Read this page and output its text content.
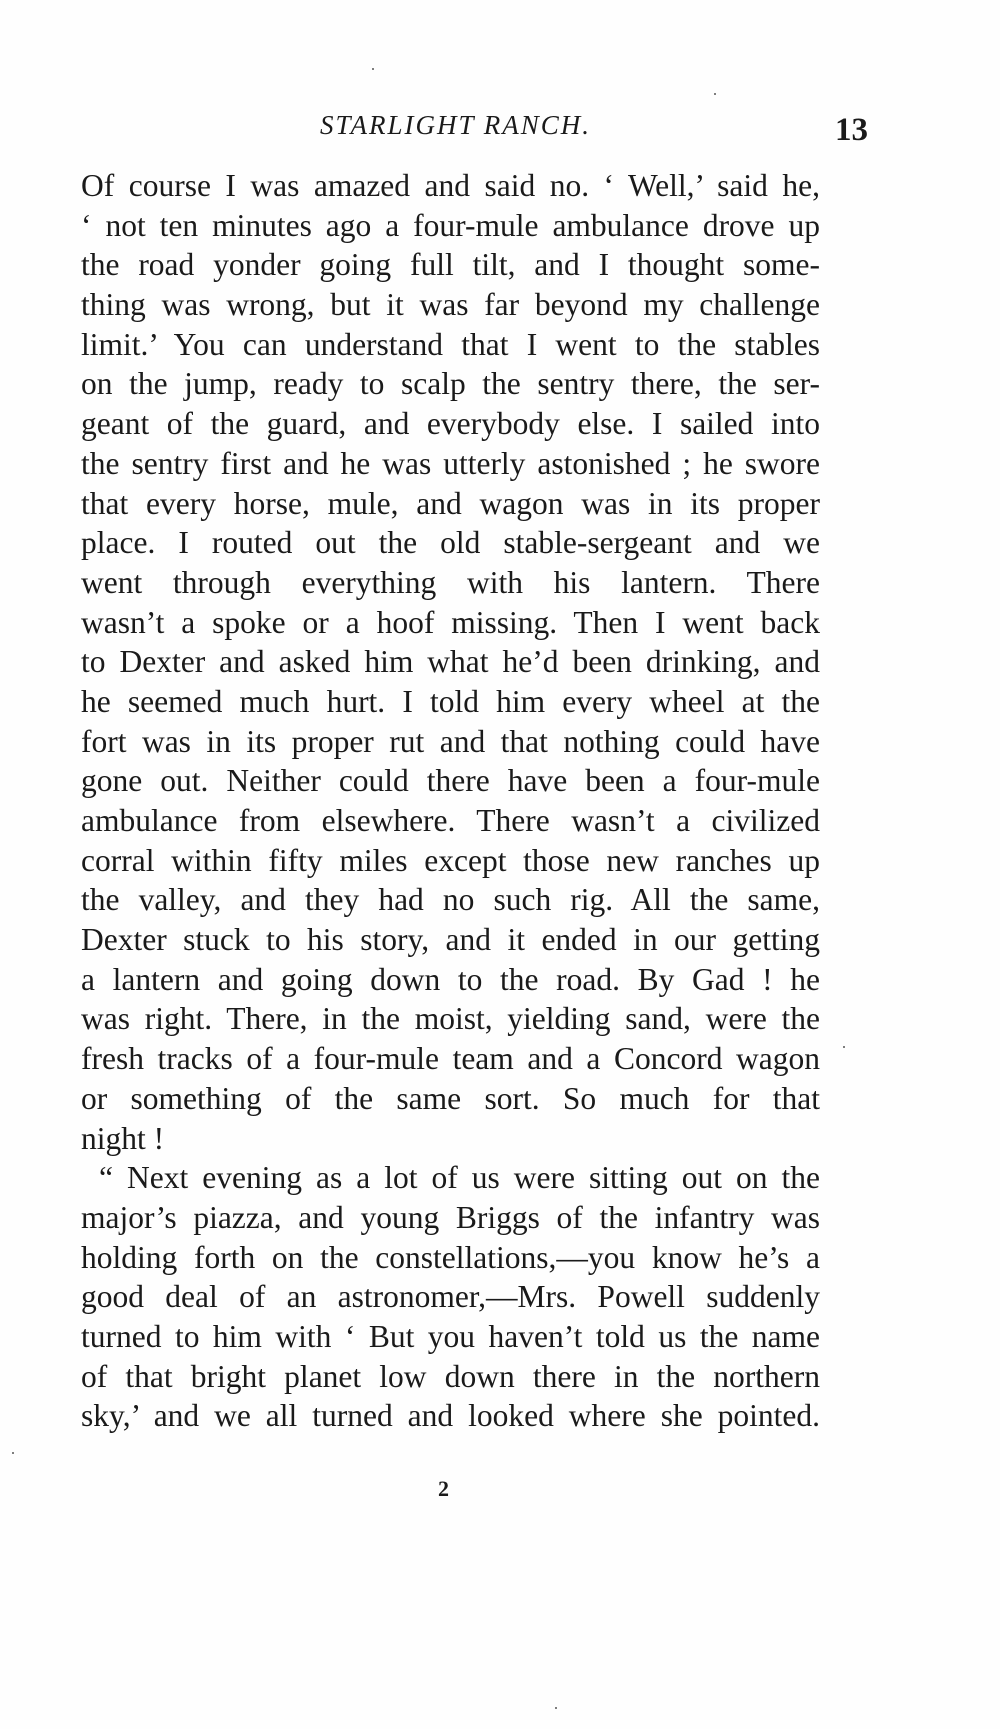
STARLIGHT RANCH.	13
Of course I was amazed and said no. ‘ Well,’ said he,
‘ not ten minutes ago a four-mule ambulance drove up
the road yonder going full tilt, and I thought some-
thing was wrong, but it was far beyond my challenge
limit.’ You can understand that I went to the stables
on the jump, ready to scalp the sentry there, the ser-
geant of the guard, and everybody else. I sailed into
the sentry first and he was utterly astonished ; he swore
that every horse, mule, and wagon was in its proper
place. I routed out the old stable-sergeant and we
went through everything with his lantern. There
wasn’t a spoke or a hoof missing. Then I went back
to Dexter and asked him what he’d been drinking, and
he seemed much hurt. I told him every wheel at the
fort was in its proper rut and that nothing could have
gone out. Neither could there have been a four-mule
ambulance from elsewhere. There wasn’t a civilized
corral within fifty miles except those new ranches up
the valley, and they had no such rig. All the same,
Dexter stuck to his story, and it ended in our getting
a lantern and going down to the road. By Gad ! he
was right. There, in the moist, yielding sand, were the
fresh tracks of a four-mule team and a Concord wagon
or something of the same sort. So much for that
night !
“ Next evening as a lot of us were sitting out on the
major’s piazza, and young Briggs of the infantry was
holding forth on the constellations,—you know he’s a
good deal of an astronomer,—Mrs. Powell suddenly
turned to him with ‘ But you haven’t told us the name
of that bright planet low down there in the northern
sky,’ and we all turned and looked where she pointed.
2
